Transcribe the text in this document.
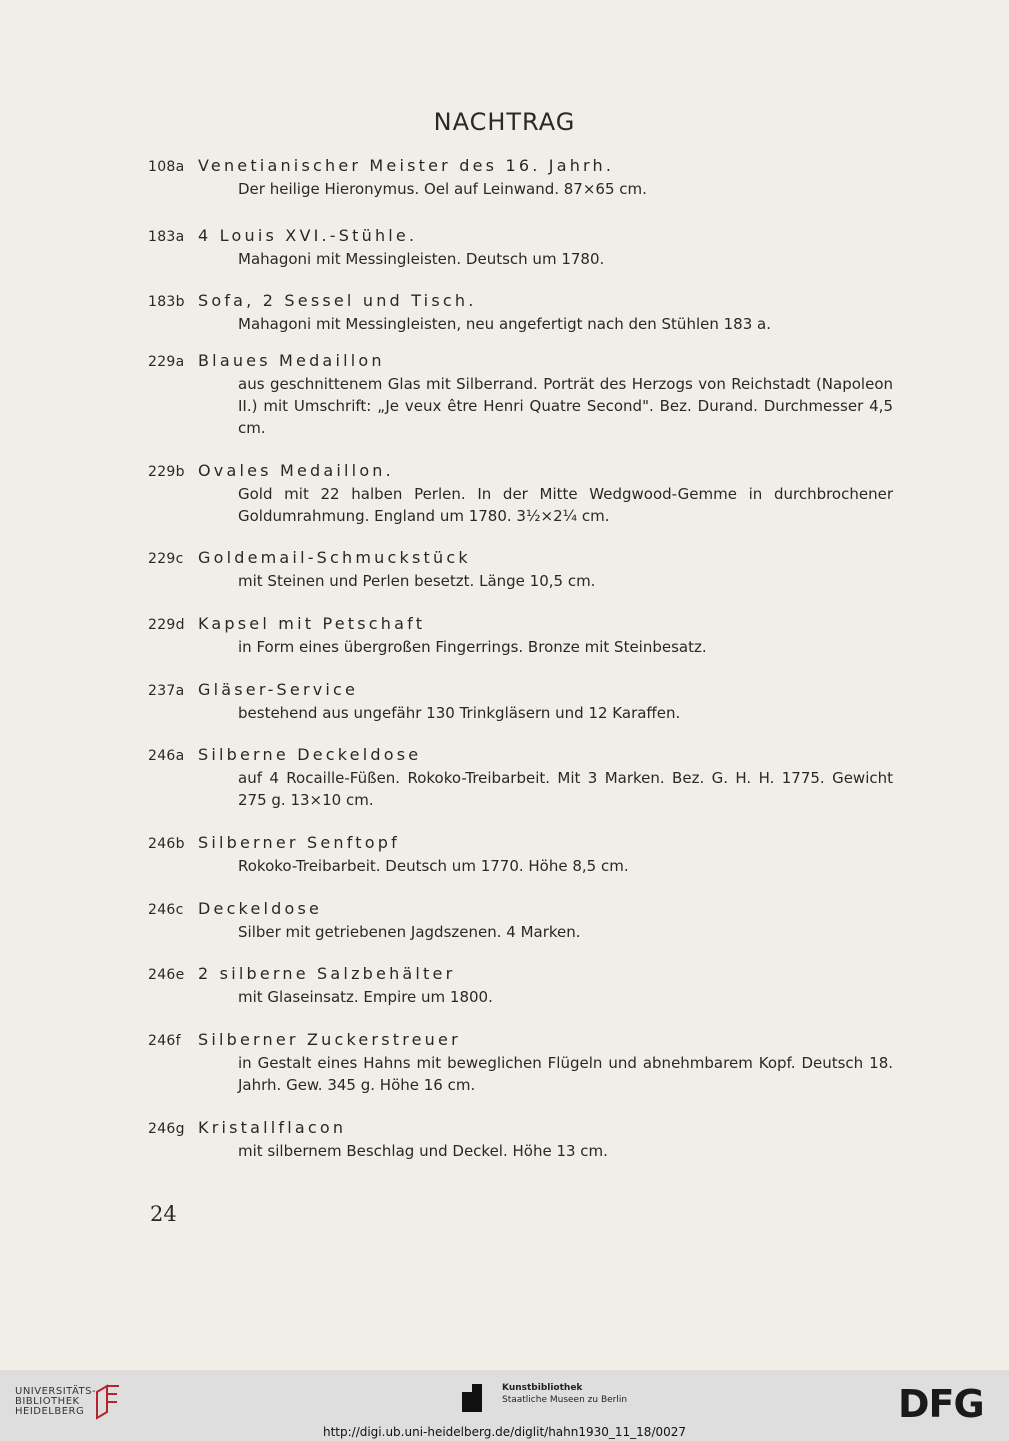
NACHTRAG
108a Venetianischer Meister des 16. Jahrh.
Der heilige Hieronymus. Oel auf Leinwand. 87×65 cm.
183a 4 Louis XVI.-Stühle.
Mahagoni mit Messingleisten. Deutsch um 1780.
183b Sofa, 2 Sessel und Tisch.
Mahagoni mit Messingleisten, neu angefertigt nach den Stühlen 183 a.
229a Blaues Medaillon
aus geschnittenem Glas mit Silberrand. Porträt des Herzogs von Reichstadt (Napoleon II.) mit Umschrift: „Je veux être Henri Quatre Second". Bez. Durand. Durchmesser 4,5 cm.
229b Ovales Medaillon.
Gold mit 22 halben Perlen. In der Mitte Wedgwood-Gemme in durchbrochener Goldumrahmung. England um 1780. 3½×2¼ cm.
229c Goldemail-Schmuckstück
mit Steinen und Perlen besetzt. Länge 10,5 cm.
229d Kapsel mit Petschaft
in Form eines übergroßen Fingerrings. Bronze mit Steinbesatz.
237a Gläser-Service
bestehend aus ungefähr 130 Trinkgläsern und 12 Karaffen.
246a Silberne Deckeldose
auf 4 Rocaille-Füßen. Rokoko-Treibarbeit. Mit 3 Marken. Bez. G. H. H. 1775. Gewicht 275 g. 13×10 cm.
246b Silberner Senftopf
Rokoko-Treibarbeit. Deutsch um 1770. Höhe 8,5 cm.
246c Deckeldose
Silber mit getriebenen Jagdszenen. 4 Marken.
246e 2 silberne Salzbehälter
mit Glaseinsatz. Empire um 1800.
246f Silberner Zuckerstreuer
in Gestalt eines Hahns mit beweglichen Flügeln und abnehmbarem Kopf. Deutsch 18. Jahrh. Gew. 345 g. Höhe 16 cm.
246g Kristallflacon
mit silbernem Beschlag und Deckel. Höhe 13 cm.
24
UNIVERSITÄTS-
BIBLIOTHEK
HEIDELBERG
Kunstbibliothek
Staatliche Museen zu Berlin	DFG
http://digi.ub.uni-heidelberg.de/diglit/hahn1930_11_18/0027
